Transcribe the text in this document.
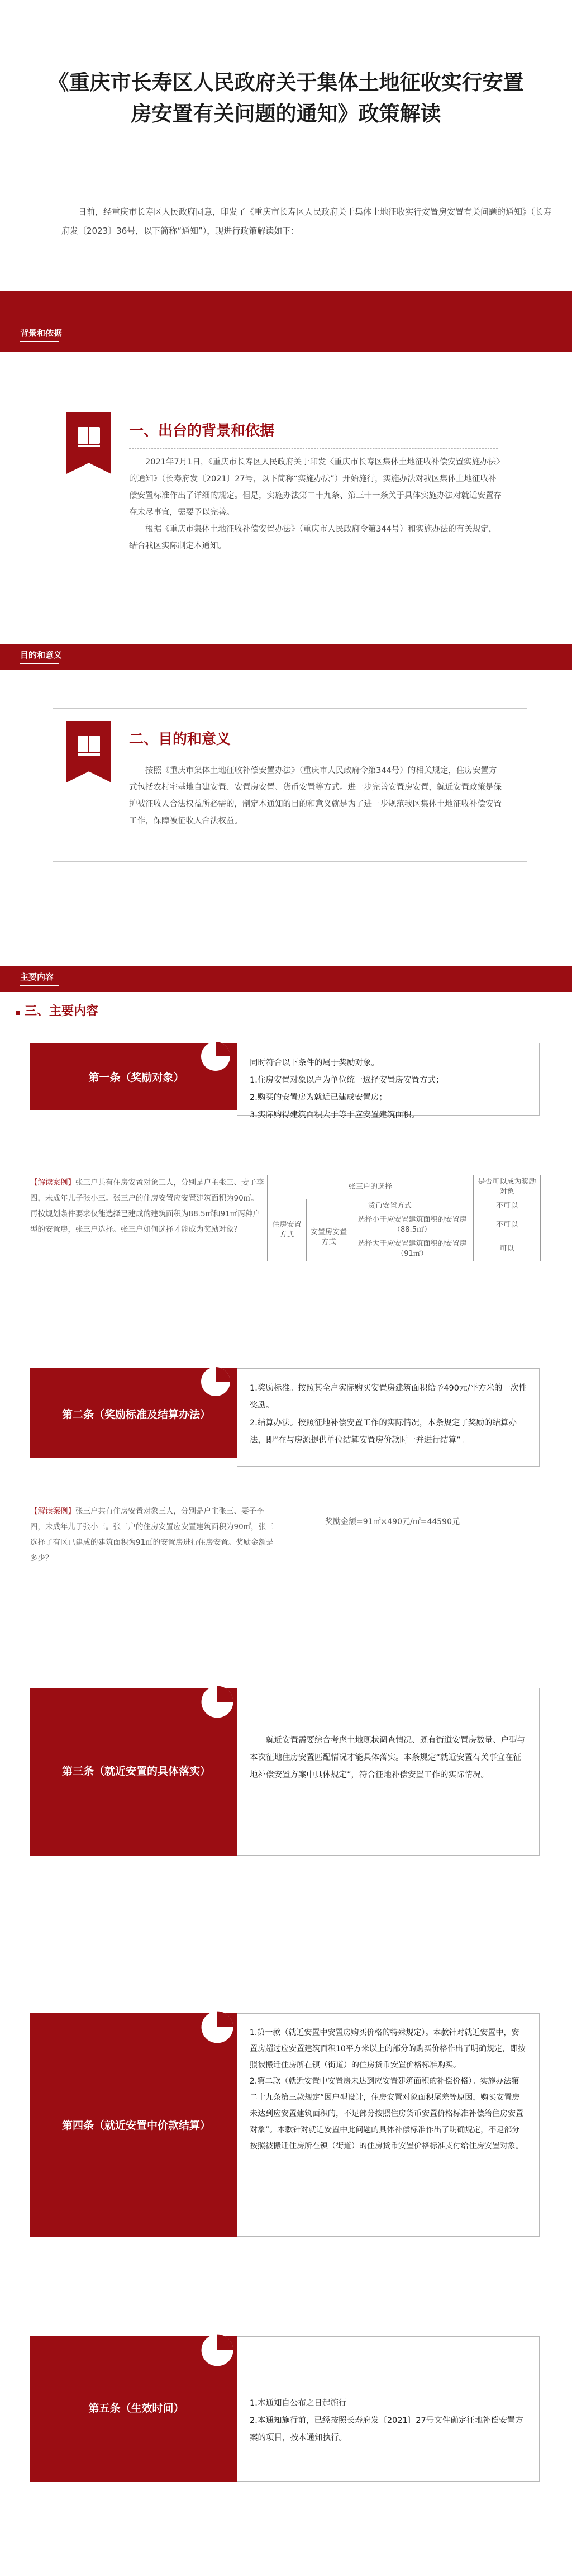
《重庆市长寿区人民政府关于集体土地征收实行安置
房安置有关问题的通知》政策解读

日前，经重庆市长寿区人民政府同意，印发了《重庆市长寿区人民政府关于集体土地征收实行安置房安置有关问题的通知》（长寿府发〔2023〕36号，以下简称“通知”），现进行政策解读如下：

背景和依据
一、出台的背景和依据

2021年7月1日，《重庆市长寿区人民政府关于印发〈重庆市长寿区集体土地征收补偿安置实施办法〉的通知》（长寿府发〔2021〕27号，以下简称“实施办法”）开始施行，实施办法对我区集体土地征收补偿安置标准作出了详细的规定。但是，实施办法第二十九条、第三十一条关于具体实施办法对就近安置存在未尽事宜，需要予以完善。

根据《重庆市集体土地征收补偿安置办法》（重庆市人民政府令第344号）和实施办法的有关规定，结合我区实际制定本通知。

目的和意义
二、目的和意义

按照《重庆市集体土地征收补偿安置办法》（重庆市人民政府令第344号）的相关规定，住房安置方式包括农村宅基地自建安置、安置房安置、货币安置等方式。进一步完善安置房安置，就近安置政策是保护被征收人合法权益所必需的，制定本通知的目的和意义就是为了进一步规范我区集体土地征收补偿安置工作，保障被征收人合法权益。

主要内容
三、主要内容
第一条（奖励对象）

同时符合以下条件的属于奖励对象。

1.住房安置对象以户为单位统一选择安置房安置方式；

2.购买的安置房为就近已建成安置房；

3.实际购得建筑面积大于等于应安置建筑面积。

【解读案例】张三户共有住房安置对象三人，分别是户主张三、妻子李四，未成年儿子张小三。张三户的住房安置应安置建筑面积为90㎡。再按规划条件要求仅能选择已建成的建筑面积为88.5㎡和91㎡两种户型的安置房，张三户选择。张三户如何选择才能成为奖励对象？

张三户的选择			是否可以成为奖励对象
住房安置方式	货币安置方式		不可以
	安置房安置方式	选择小于应安置建筑面积的安置房（88.5㎡）	不可以
		选择大于应安置建筑面积的安置房（91㎡）	可以
第二条（奖励标准及结算办法）

1.奖励标准。按照其全户实际购买安置房建筑面积给予490元/平方米的一次性奖励。

2.结算办法。按照征地补偿安置工作的实际情况，本条规定了奖励的结算办法，即“在与房源提供单位结算安置房价款时一并进行结算”。

【解读案例】张三户共有住房安置对象三人，分别是户主张三、妻子李四，未成年儿子张小三。张三户的住房安置应安置建筑面积为90㎡，张三选择了有区已建成的建筑面积为91㎡的安置房进行住房安置。奖励金额是多少？

奖励金额=91㎡×490元/㎡=44590元
第三条（就近安置的具体落实）

就近安置需要综合考虑土地现状调查情况、既有街道安置房数量、户型与本次征地住房安置匹配情况才能具体落实。本条规定“就近安置有关事宜在征地补偿安置方案中具体规定”，符合征地补偿安置工作的实际情况。

第四条（就近安置中价款结算）

1.第一款（就近安置中安置房购买价格的特殊规定）。本款针对就近安置中，安置房超过应安置建筑面积10平方米以上的部分的购买价格作出了明确规定，即按照被搬迁住房所在镇（街道）的住房货币安置价格标准购买。

2.第二款（就近安置中安置房未达到应安置建筑面积的补偿价格）。实施办法第二十九条第三款规定“因户型设计，住房安置对象面积尾差等原因，购买安置房未达到应安置建筑面积的，不足部分按照住房货币安置价格标准补偿给住房安置对象”。本款针对就近安置中此问题的具体补偿标准作出了明确规定，不足部分按照被搬迁住房所在镇（街道）的住房货币安置价格标准支付给住房安置对象。

第五条（生效时间）	1.本通知自公布之日起施行。

2.本通知施行前，已经按照长寿府发〔2021〕27号文件确定征地补偿安置方案的项目，按本通知执行。
